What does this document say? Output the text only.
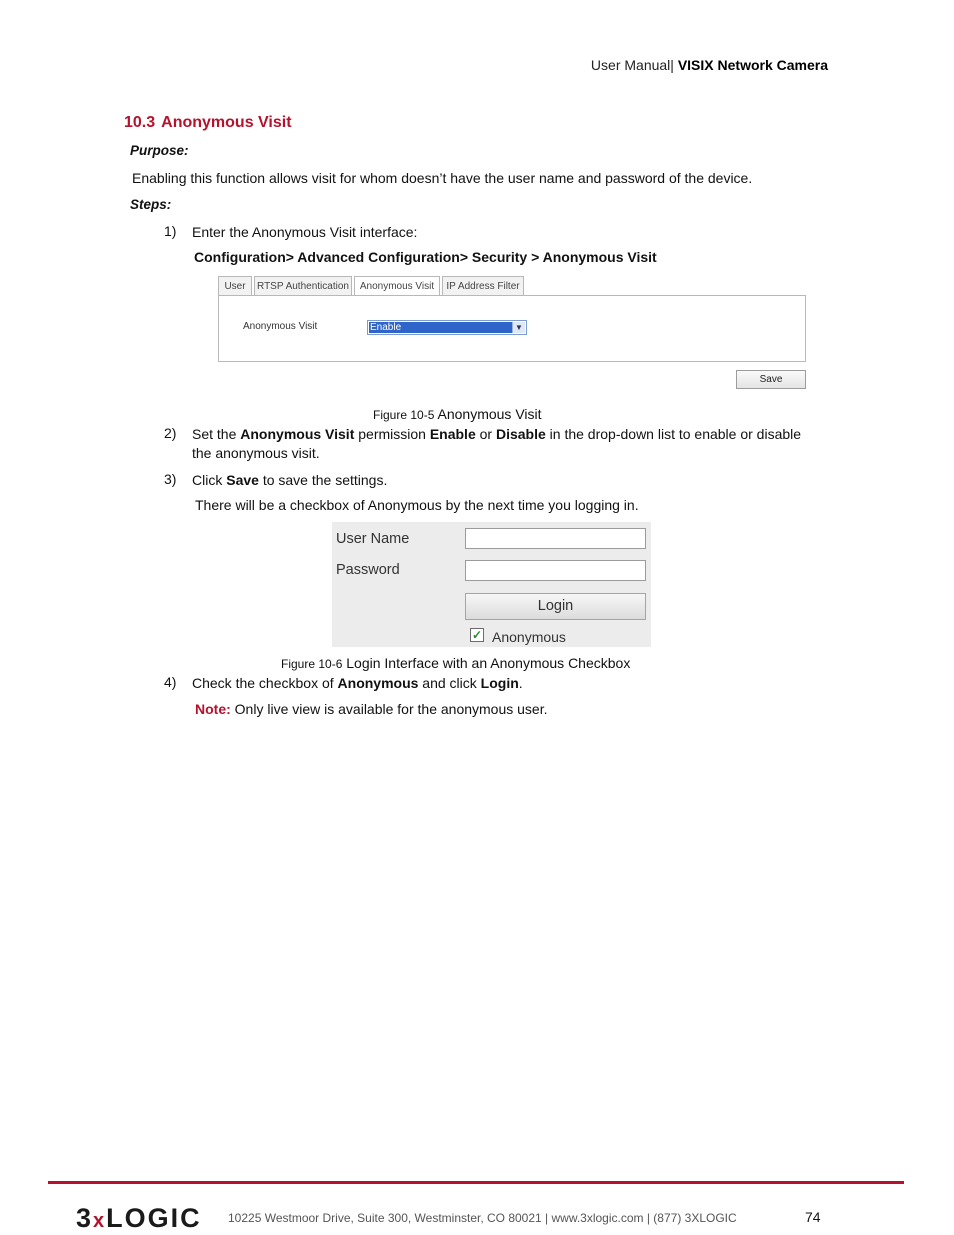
User Manual| VISIX Network Camera
10.3 Anonymous Visit
Purpose:
Enabling this function allows visit for whom doesn’t have the user name and password of the device.
Steps:
1) Enter the Anonymous Visit interface:
Configuration> Advanced Configuration> Security > Anonymous Visit
User	RTSP Authentication	Anonymous Visit	IP Address Filter
Anonymous Visit	Enable	▼
Save
Figure 10-5 Anonymous Visit
2) Set the Anonymous Visit permission Enable or Disable in the drop-down list to enable or disable the anonymous visit.
3) Click Save to save the settings.
There will be a checkbox of Anonymous by the next time you logging in.
User Name
Password
Login
✓ Anonymous
Figure 10-6 Login Interface with an Anonymous Checkbox
4) Check the checkbox of Anonymous and click Login.
Note: Only live view is available for the anonymous user.
3xLOGIC 10225 Westmoor Drive, Suite 300, Westminster, CO 80021 | www.3xlogic.com | (877) 3XLOGIC	74
